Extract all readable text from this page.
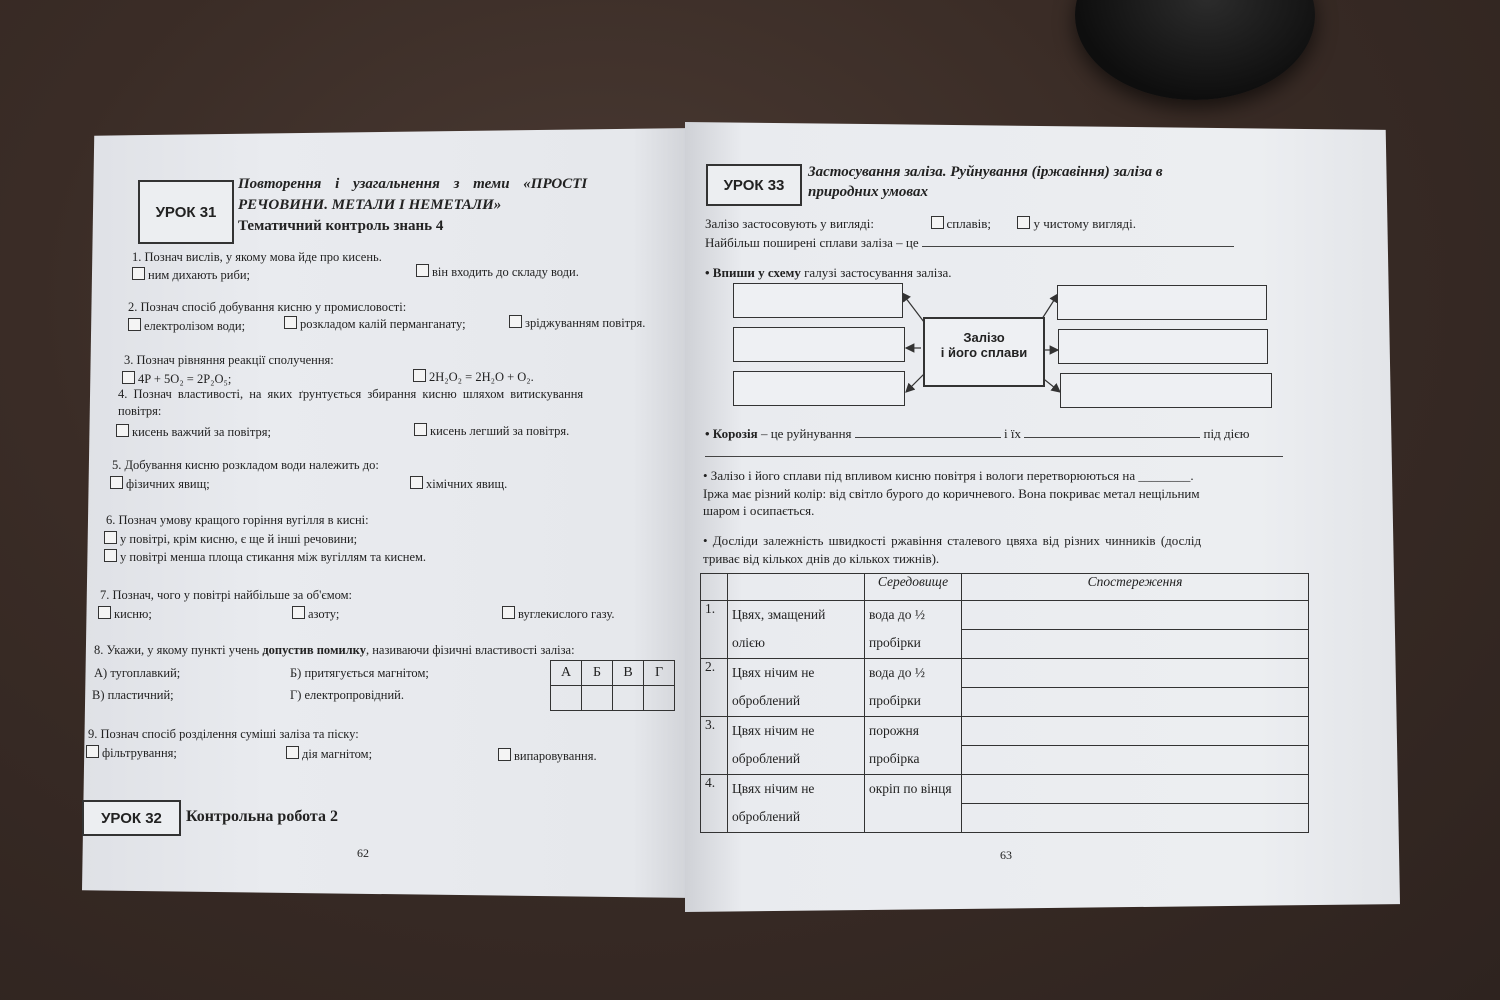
УРОК 31
Повторення і узагальнення з теми «ПРОСТІ
РЕЧОВИНИ. МЕТАЛИ І НЕМЕТАЛИ»
Тематичний контроль знань 4
1. Познач вислів, у якому мова йде про кисень.
ним дихають риби;	він входить до складу води.
2. Познач спосіб добування кисню у промисловості:
електролізом води;	розкладом калій перманганату;	зріджуванням повітря.
3. Познач рівняння реакції сполучення:
4P + 5O₂ = 2P₂O₅;	2H₂O₂ = 2H₂O + O₂.
4. Познач властивості, на яких ґрунтується збирання кисню шляхом витискування
повітря:
кисень важчий за повітря;	кисень легший за повітря.
5. Добування кисню розкладом води належить до:
фізичних явищ;	хімічних явищ.
6. Познач умову кращого горіння вугілля в кисні:
у повітрі, крім кисню, є ще й інші речовини;
у повітрі менша площа стикання між вугіллям та киснем.
7. Познач, чого у повітрі найбільше за об'ємом:
кисню;	азоту;	вуглекислого газу.
8. Укажи, у якому пункті учень допустив помилку, називаючи фізичні властивості заліза:
А) тугоплавкий;	Б) притягується магнітом;
В) пластичний;	Г) електропровідний.
А	Б	В	Г

9. Познач спосіб розділення суміші заліза та піску:
фільтрування;	дія магнітом;	випаровування.
УРОК 32 Контрольна робота 2
62
УРОК 33
Застосування заліза. Руйнування (іржавіння) заліза в
природних умовах
Залізо застосовують у вигляді:	сплавів;	у чистому вигляді.
Найбільш поширені сплави заліза – це
• Впиши у схему галузі застосування заліза.
Залізо
і його сплави
• Корозія – це руйнування	і їх	під дією
• Залізо і його сплави під впливом кисню повітря і вологи перетворюються на ________.
Іржа має різний колір: від світло бурого до коричневого. Вона покриває метал нещільним
шаром і осипається.
• Досліди залежність швидкості ржавіння сталевого цвяха від різних чинників (дослід
триває від кількох днів до кількох тижнів).
		Середовище	Спостереження
1.	Цвях, змащений олією	вода до ½ пробірки	

2.	Цвях нічим не оброблений	вода до ½ пробірки	

3.	Цвях нічим не оброблений	порожня пробірка	

4.	Цвях нічим не оброблений	окріп по вінця	
63
